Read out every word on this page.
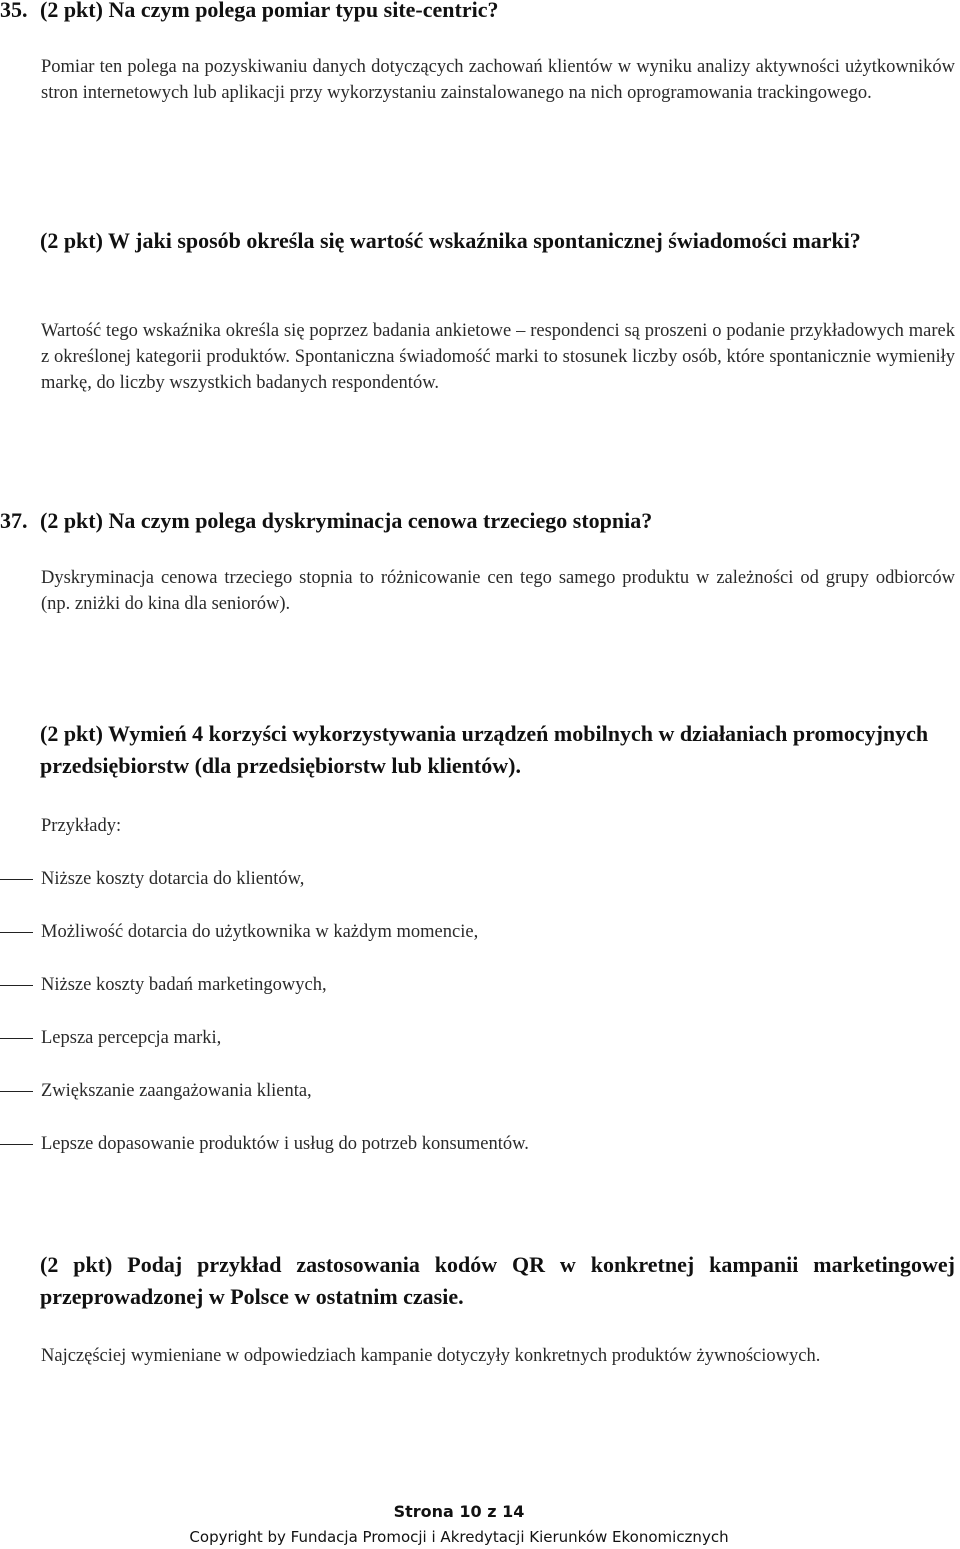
35. (2 pkt) Na czym polega pomiar typu site-centric?
Pomiar ten polega na pozyskiwaniu danych dotyczących zachowań klientów w wyniku analizy aktywności użytkowników stron internetowych lub aplikacji przy wykorzystaniu zainstalowanego na nich oprogramowania trackingowego.
(2 pkt) W jaki sposób określa się wartość wskaźnika spontanicznej świadomości marki?
Wartość tego wskaźnika określa się poprzez badania ankietowe – respondenci są proszeni o podanie przykładowych marek z określonej kategorii produktów. Spontaniczna świadomość marki to stosunek liczby osób, które spontanicznie wymieniły markę, do liczby wszystkich badanych respondentów.
37. (2 pkt) Na czym polega dyskryminacja cenowa trzeciego stopnia?
Dyskryminacja cenowa trzeciego stopnia to różnicowanie cen tego samego produktu w zależności od grupy odbiorców (np. zniżki do kina dla seniorów).
(2 pkt) Wymień 4 korzyści wykorzystywania urządzeń mobilnych w działaniach promocyjnych przedsiębiorstw (dla przedsiębiorstw lub klientów).
Przykłady:
Niższe koszty dotarcia do klientów,
Możliwość dotarcia do użytkownika w każdym momencie,
Niższe koszty badań marketingowych,
Lepsza percepcja marki,
Zwiększanie zaangażowania klienta,
Lepsze dopasowanie produktów i usług do potrzeb konsumentów.
(2 pkt) Podaj przykład zastosowania kodów QR w konkretnej kampanii marketingowej przeprowadzonej w Polsce w ostatnim czasie.
Najczęściej wymieniane w odpowiedziach kampanie dotyczyły konkretnych produktów żywnościowych.
Strona 10 z 14
Copyright by Fundacja Promocji i Akredytacji Kierunków Ekonomicznych
